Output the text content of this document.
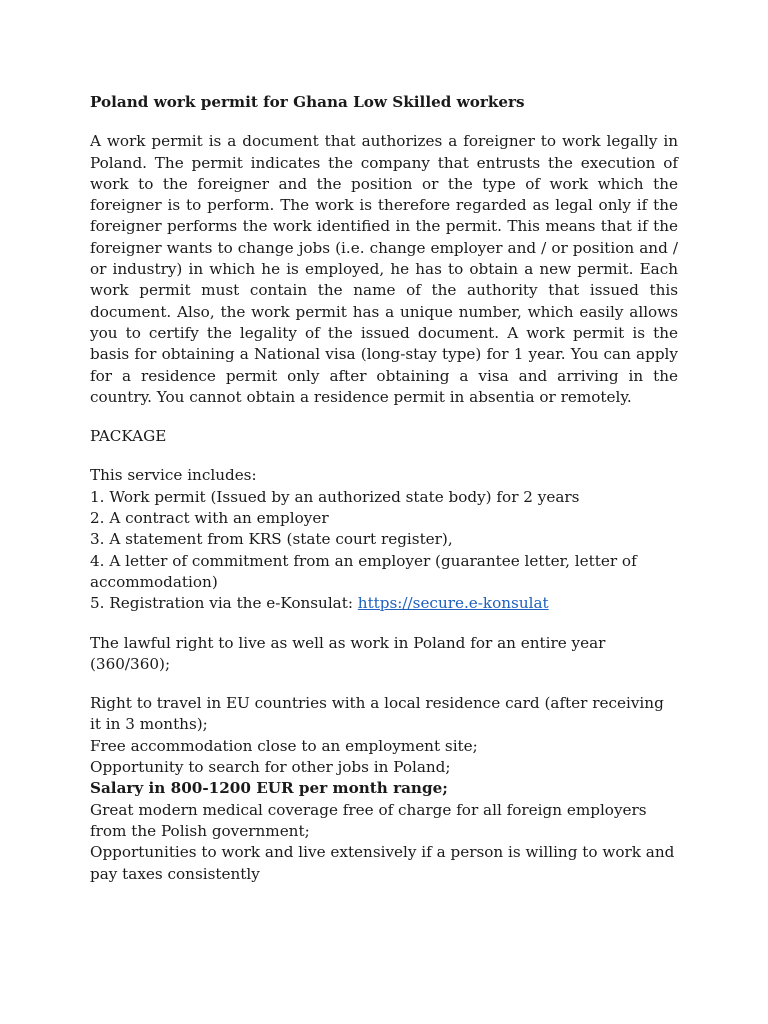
Poland work permit for Ghana Low Skilled workers
A work permit is a document that authorizes a foreigner to work legally in Poland. The permit indicates the company that entrusts the execution of work to the foreigner and the position or the type of work which the foreigner is to perform. The work is therefore regarded as legal only if the foreigner performs the work identified in the permit. This means that if the foreigner wants to change jobs (i.e. change employer and / or position and / or industry) in which he is employed, he has to obtain a new permit. Each work permit must contain the name of the authority that issued this document. Also, the work permit has a unique number, which easily allows you to certify the legality of the issued document. A work permit is the basis for obtaining a National visa (long-stay type) for 1 year. You can apply for a residence permit only after obtaining a visa and arriving in the country. You cannot obtain a residence permit in absentia or remotely.
PACKAGE
This service includes:
1. Work permit (Issued by an authorized state body) for 2 years
2. A contract with an employer
3. A statement from KRS (state court register),
4. A letter of commitment from an employer (guarantee letter, letter of accommodation)
5. Registration via the e-Konsulat: https://secure.e-konsulat
The lawful right to live as well as work in Poland for an entire year (360/360);
Right to travel in EU countries with a local residence card (after receiving it in 3 months);
Free accommodation close to an employment site;
Opportunity to search for other jobs in Poland;
Salary in 800-1200 EUR per month range;
Great modern medical coverage free of charge for all foreign employers from the Polish government;
Opportunities to work and live extensively if a person is willing to work and pay taxes consistently
